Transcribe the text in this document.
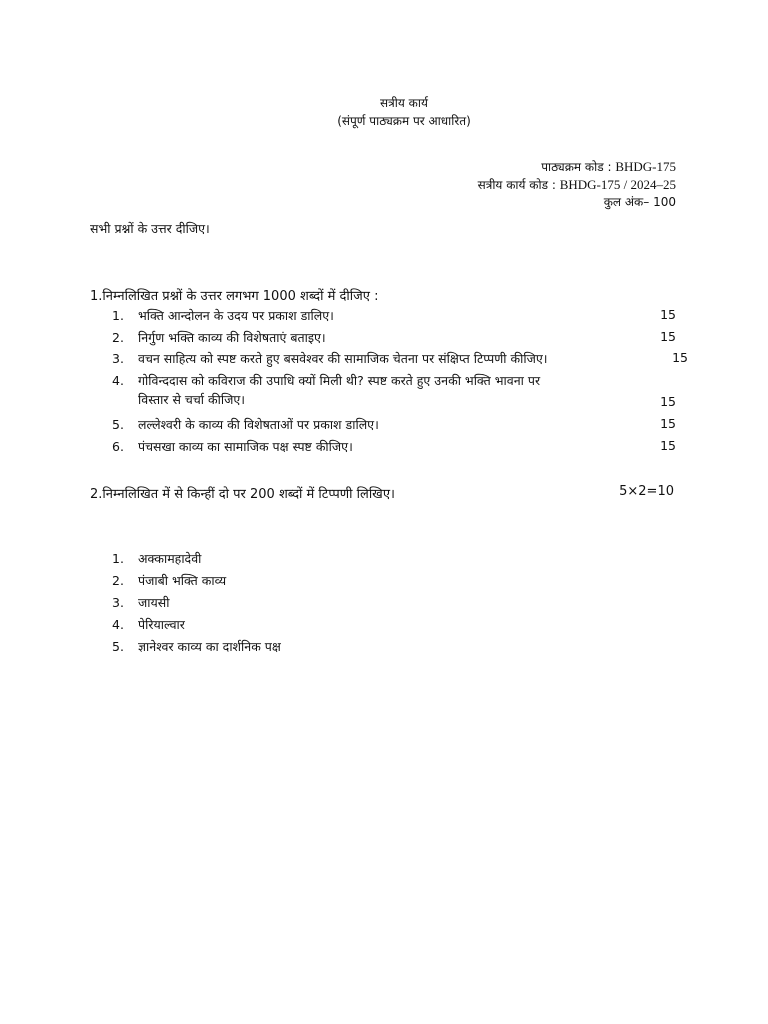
सत्रीय कार्य
(संपूर्ण पाठ्यक्रम पर आधारित)
पाठ्यक्रम कोड : BHDG-175
सत्रीय कार्य कोड : BHDG-175 / 2024–25
कुल अंक– 100
सभी प्रश्नों के उत्तर दीजिए।
1.निम्नलिखित प्रश्नों के उत्तर लगभग 1000 शब्दों में दीजिए :
1. भक्ति आन्दोलन के उदय पर प्रकाश डालिए।	15
2. निर्गुण भक्ति काव्य की विशेषताएं बताइए।	15
3. वचन साहित्य को स्पष्ट करते हुए बसवेश्वर की सामाजिक चेतना पर संक्षिप्त टिप्पणी कीजिए।	15
4. गोविन्ददास को कविराज की उपाधि क्यों मिली थी? स्पष्ट करते हुए उनकी भक्ति भावना पर
विस्तार से चर्चा कीजिए।	15
5. लल्लेश्वरी के काव्य की विशेषताओं पर प्रकाश डालिए।	15
6. पंचसखा काव्य का सामाजिक पक्ष स्पष्ट कीजिए।	15
2.निम्नलिखित में से किन्हीं दो पर 200 शब्दों में टिप्पणी लिखिए।	5×2=10
1. अक्कामहादेवी
2. पंजाबी भक्ति काव्य
3. जायसी
4. पेरियाल्वार
5. ज्ञानेश्वर काव्य का दार्शनिक पक्ष
